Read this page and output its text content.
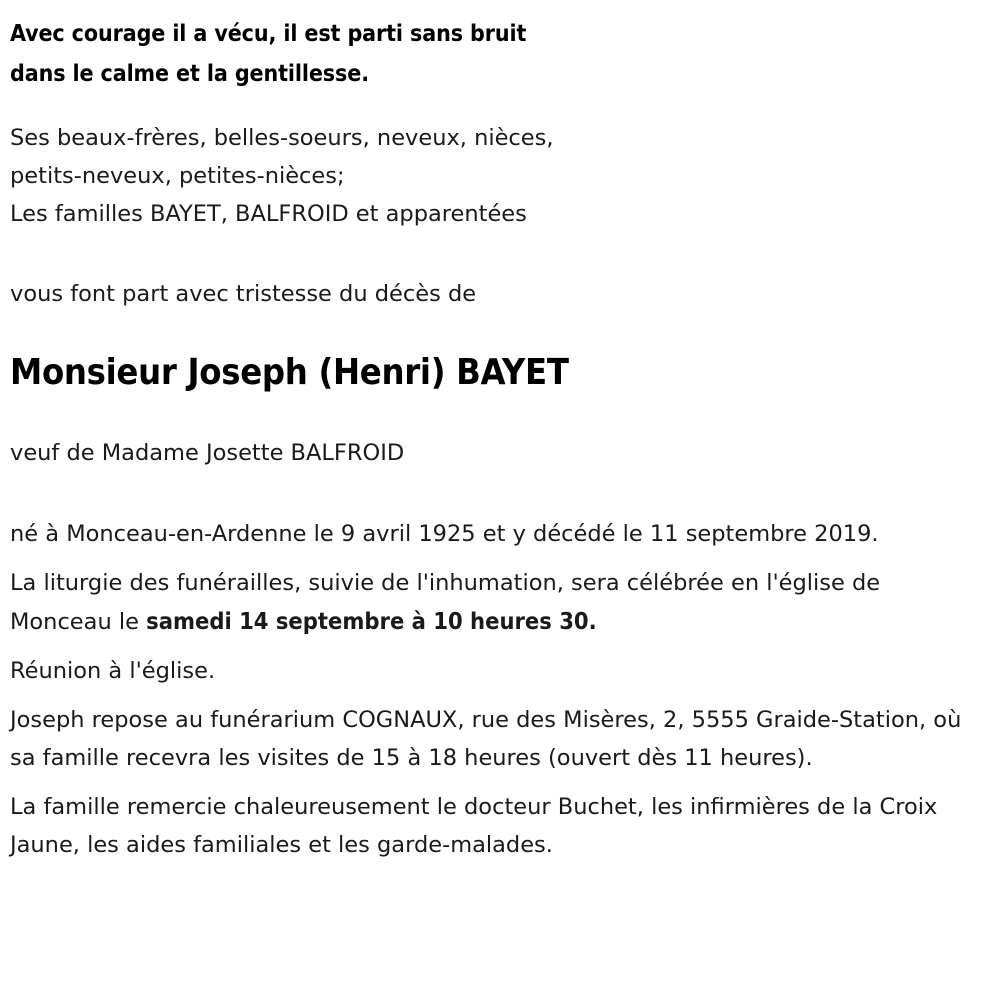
Avec courage il a vécu, il est parti sans bruit
dans le calme et la gentillesse.
Ses beaux-frères, belles-soeurs, neveux, nièces,
petits-neveux, petites-nièces;
Les familles BAYET, BALFROID et apparentées
vous font part avec tristesse du décès de
Monsieur Joseph (Henri) BAYET
veuf de Madame Josette BALFROID
né à Monceau-en-Ardenne le 9 avril 1925 et y décédé le 11 septembre 2019.
La liturgie des funérailles, suivie de l'inhumation, sera célébrée en l'église de Monceau le samedi 14 septembre à 10 heures 30.
Réunion à l'église.
Joseph repose au funérarium COGNAUX, rue des Misères, 2, 5555 Graide-Station, où sa famille recevra les visites de 15 à 18 heures (ouvert dès 11 heures).
La famille remercie chaleureusement le docteur Buchet, les infirmières de la Croix Jaune, les aides familiales et les garde-malades.
